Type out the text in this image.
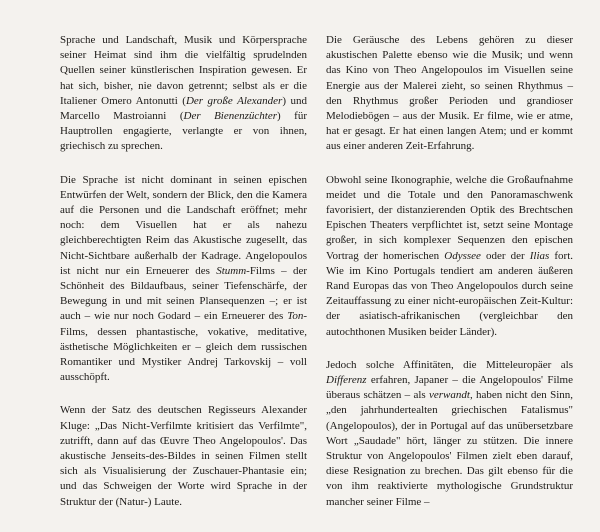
Sprache und Landschaft, Musik und Körpersprache seiner Heimat sind ihm die vielfältig sprudelnden Quellen seiner künstlerischen Inspiration gewesen. Er hat sich, bisher, nie davon getrennt; selbst als er die Italiener Omero Antonutti (Der große Alexander) und Marcello Mastroianni (Der Bienenzüchter) für Hauptrollen engagierte, verlangte er von ihnen, griechisch zu sprechen.

Die Sprache ist nicht dominant in seinen epischen Entwürfen der Welt, sondern der Blick, den die Kamera auf die Personen und die Landschaft eröffnet; mehr noch: dem Visuellen hat er als nahezu gleichberechtigten Reim das Akustische zugesellt, das Nicht-Sichtbare außerhalb der Kadrage. Angelopoulos ist nicht nur ein Erneuerer des Stumm-Films – der Schönheit des Bildaufbaus, seiner Tiefenschärfe, der Bewegung in und mit seinen Plansequenzen –; er ist auch – wie nur noch Godard – ein Erneuerer des Ton-Films, dessen phantastische, vokative, meditative, ästhetische Möglichkeiten er – gleich dem russischen Romantiker und Mystiker Andrej Tarkovskij – voll ausschöpft.

Wenn der Satz des deutschen Regisseurs Alexander Kluge: „Das Nicht-Verfilmte kritisiert das Verfilmte", zutrifft, dann auf das Œuvre Theo Angelopoulos'. Das akustische Jenseits-des-Bildes in seinen Filmen stellt sich als Visualisierung der Zuschauer-Phantasie ein; und das Schweigen der Worte wird Sprache in der Struktur der (Natur-) Laute.

Die Geräusche des Lebens gehören zu dieser akustischen Palette ebenso wie die Musik; und wenn das Kino von Theo Angelopoulos im Visuellen seine Energie aus der Malerei zieht, so seinen Rhythmus – den Rhythmus großer Perioden und grandioser Melodiebögen – aus der Musik. Er filme, wie er atme, hat er gesagt. Er hat einen langen Atem; und er kommt aus einer anderen Zeit-Erfahrung.

Obwohl seine Ikonographie, welche die Großaufnahme meidet und die Totale und den Panoramaschwenk favorisiert, der distanzierenden Optik des Brechtschen Epischen Theaters verpflichtet ist, setzt seine Montage großer, in sich komplexer Sequenzen den epischen Vortrag der homerischen Odyssee oder der Ilias fort. Wie im Kino Portugals tendiert am anderen äußeren Rand Europas das von Theo Angelopoulos durch seine Zeitauffassung zu einer nicht-europäischen Zeit-Kultur: der asiatisch-afrikanischen (vergleichbar den autochthonen Musiken beider Länder).

Jedoch solche Affinitäten, die Mitteleuropäer als Differenz erfahren, Japaner – die Angelopoulos' Filme überaus schätzen – als verwandt, haben nicht den Sinn, „den jahrhundertealten griechischen Fatalismus" (Angelopoulos), der in Portugal auf das unübersetzbare Wort „Saudade" hört, länger zu stützen. Die innere Struktur von Angelopoulos' Filmen zielt eben darauf, diese Resignation zu brechen. Das gilt ebenso für die von ihm reaktivierte mythologische Grundstruktur mancher seiner Filme –
